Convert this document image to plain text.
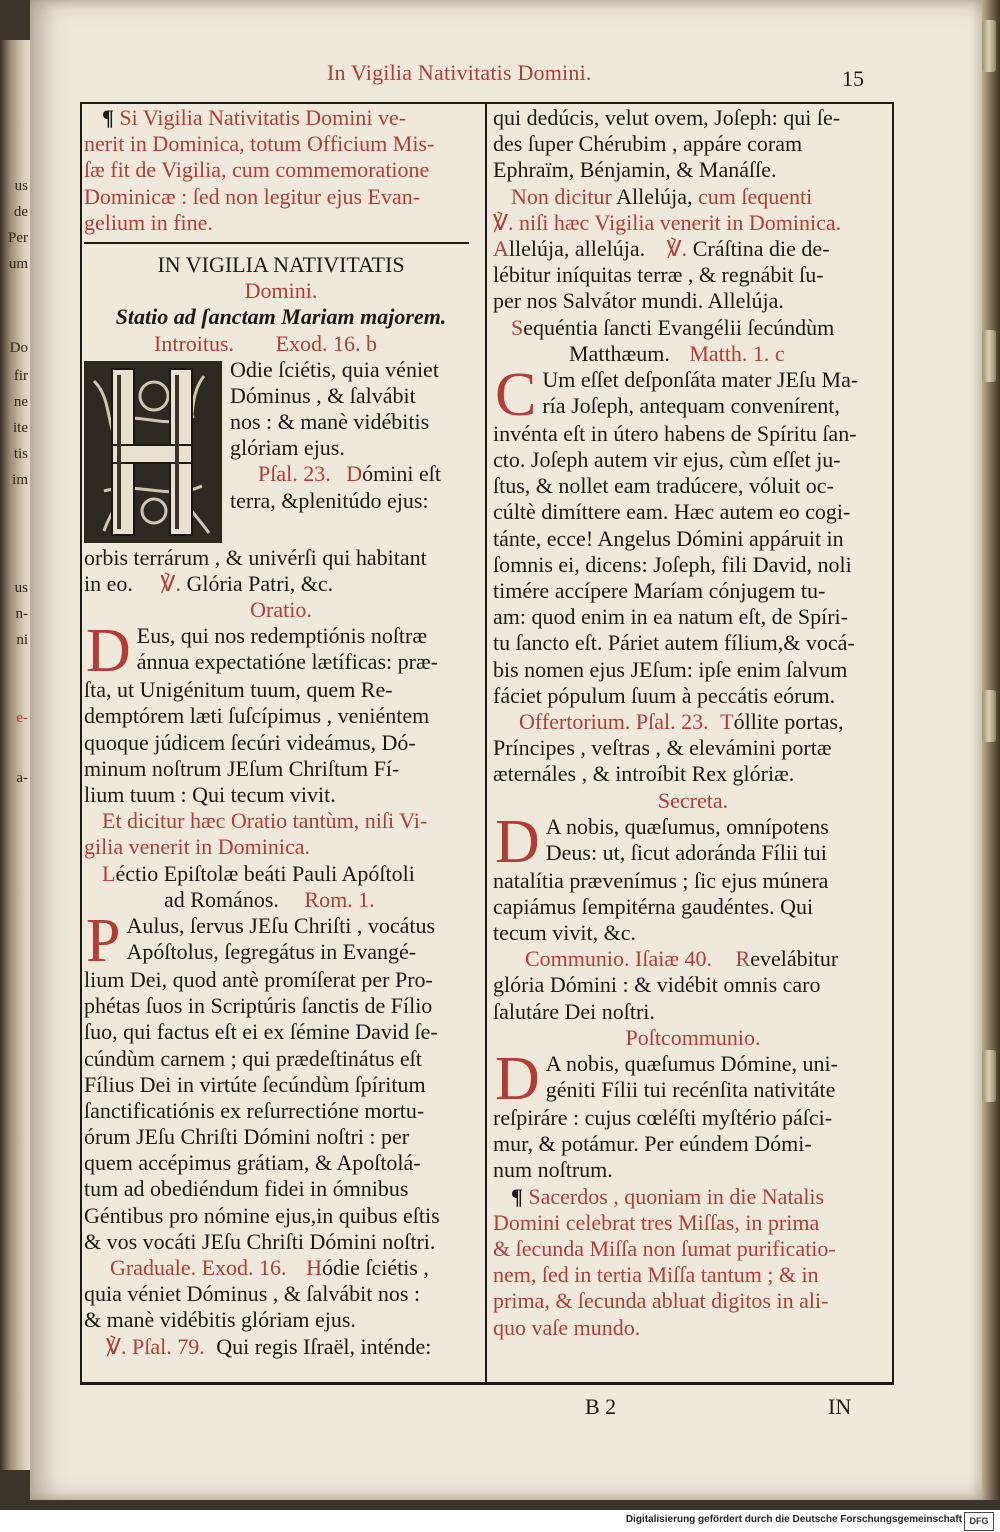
us
de
Per
um
Do
fir
ne
ite
tis
im
us
n-
ni
e-
a-
In Vigilia Nativitatis Domini.	15
¶ Si Vigilia Nativitatis Domini ve-
nerit in Dominica, totum Officium Mis-
ſæ fit de Vigilia, cum commemoratione
Dominicæ : ſed non legitur ejus Evan-
gelium in fine.
IN VIGILIA NATIVITATIS
Domini.
Statio ad ſanctam Mariam majorem.
Introitus. Exod. 16. b
Odie ſciétis, quia véniet
Dóminus , & ſalvábit
nos : & manè vidébitis
glóriam ejus.
Pſal. 23. Dómini eſt
terra, &plenitúdo ejus:
orbis terrárum , & univérſi qui habitant
in eo. ℣. Glória Patri, &c.
Oratio.
D Eus, qui nos redemptiónis noſtræ
ánnua expectatióne lætíficas: præ-
ſta, ut Unigénitum tuum, quem Re-
demptórem læti ſuſcípimus , veniéntem
quoque júdicem ſecúri videámus, Dó-
minum noſtrum JEſum Chriſtum Fí-
lium tuum : Qui tecum vivit.
Et dicitur hæc Oratio tantùm, niſi Vi-
gilia venerit in Dominica.
Léctio Epiſtolæ beáti Pauli Apóſtoli
ad Romános. Rom. 1.
P Aulus, ſervus JEſu Chriſti , vocátus
Apóſtolus, ſegregátus in Evangé-
lium Dei, quod antè promíſerat per Pro-
phétas ſuos in Scriptúris ſanctis de Fílio
ſuo, qui factus eſt ei ex ſémine David ſe-
cúndùm carnem ; qui prædeſtinátus eſt
Fílius Dei in virtúte ſecúndùm ſpíritum
ſanctificatiónis ex reſurrectióne mortu-
órum JEſu Chriſti Dómini noſtri : per
quem accépimus grátiam, & Apoſtolá-
tum ad obediéndum fidei in ómnibus
Géntibus pro nómine ejus,in quibus eſtis
& vos vocáti JEſu Chriſti Dómini noſtri.
Graduale. Exod. 16. Hódie ſciétis ,
quia véniet Dóminus , & ſalvábit nos :
& manè vidébitis glóriam ejus.
℣. Pſal. 79. Qui regis Iſraël, inténde:
qui dedúcis, velut ovem, Joſeph: qui ſe-
des ſuper Chérubim , appáre coram
Ephraïm, Bénjamin, & Manáſſe.
Non dicitur Allelúja, cum ſequenti
℣. niſi hæc Vigilia venerit in Dominica.
Allelúja, allelúja. ℣. Cráſtina die de-
lébitur iníquitas terræ , & regnábit ſu-
per nos Salvátor mundi. Allelúja.
Sequéntia ſancti Evangélii ſecúndùm
Matthæum. Matth. 1. c
C Um eſſet deſponſáta mater JEſu Ma-
ría Joſeph, antequam convenírent,
invénta eſt in útero habens de Spíritu ſan-
cto. Joſeph autem vir ejus, cùm eſſet ju-
ſtus, & nollet eam tradúcere, vóluit oc-
cúltè dimíttere eam. Hæc autem eo cogi-
tánte, ecce! Angelus Dómini appáruit in
ſomnis ei, dicens: Joſeph, fili David, noli
timére accípere Maríam cónjugem tu-
am: quod enim in ea natum eſt, de Spíri-
tu ſancto eſt. Páriet autem fílium,& vocá-
bis nomen ejus JEſum: ipſe enim ſalvum
fáciet pópulum ſuum à peccátis eórum.
Offertorium. Pſal. 23. Tóllite portas,
Príncipes , veſtras , & elevámini portæ
æternáles , & introíbit Rex glóriæ.
Secreta.
D A nobis, quæſumus, omnípotens
Deus: ut, ſicut adoránda Fílii tui
natalítia prævenímus ; ſic ejus múnera
capiámus ſempitérna gaudéntes. Qui
tecum vivit, &c.
Communio. Iſaiæ 40. Revelábitur
glória Dómini : & vidébit omnis caro
ſalutáre Dei noſtri.
Poſtcommunio.
D A nobis, quæſumus Dómine, uni-
géniti Fílii tui recénſita nativitáte
reſpiráre : cujus cœléſti myſtério páſci-
mur, & potámur. Per eúndem Dómi-
num noſtrum.
¶ Sacerdos , quoniam in die Natalis
Domini celebrat tres Miſſas, in prima
& ſecunda Miſſa non ſumat purificatio-
nem, ſed in tertia Miſſa tantum ; & in
prima, & ſecunda abluat digitos in ali-
quo vaſe mundo.
B 2	IN
Digitalisierung gefördert durch die Deutsche Forschungsgemeinschaft DFG
